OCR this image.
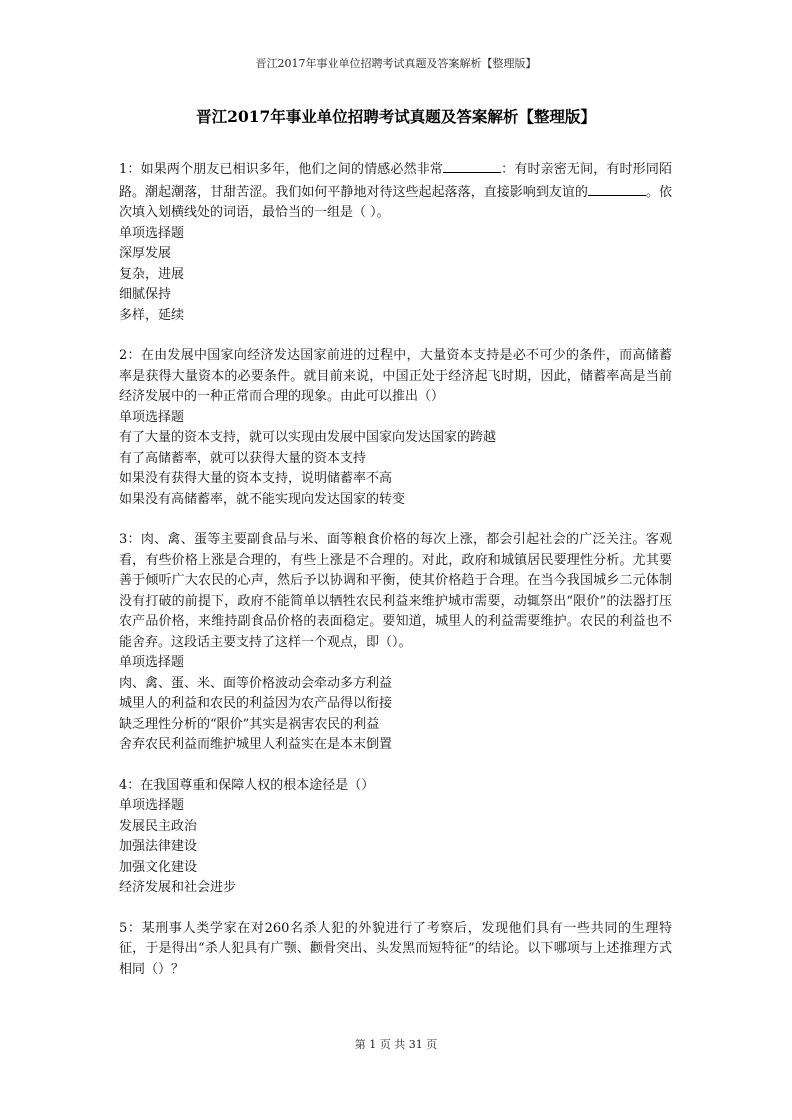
晋江2017年事业单位招聘考试真题及答案解析【整理版】
晋江2017年事业单位招聘考试真题及答案解析【整理版】
1：如果两个朋友已相识多年，他们之间的情感必然非常	：有时亲密无间，有时形同陌路。潮起潮落，甘甜苦涩。我们如何平静地对待这些起起落落，直接影响到友谊的	。依次填入划横线处的词语，最恰当的一组是（ ）。
单项选择题
深厚发展
复杂，进展
细腻保持
多样，延续
2：在由发展中国家向经济发达国家前进的过程中，大量资本支持是必不可少的条件，而高储蓄率是获得大量资本的必要条件。就目前来说，中国正处于经济起飞时期，因此，储蓄率高是当前经济发展中的一种正常而合理的现象。由此可以推出（）
单项选择题
有了大量的资本支持，就可以实现由发展中国家向发达国家的跨越
有了高储蓄率，就可以获得大量的资本支持
如果没有获得大量的资本支持，说明储蓄率不高
如果没有高储蓄率，就不能实现向发达国家的转变
3：肉、禽、蛋等主要副食品与米、面等粮食价格的每次上涨，都会引起社会的广泛关注。客观看，有些价格上涨是合理的，有些上涨是不合理的。对此，政府和城镇居民要理性分析。尤其要善于倾听广大农民的心声，然后予以协调和平衡，使其价格趋于合理。在当今我国城乡二元体制没有打破的前提下，政府不能简单以牺牲农民利益来维护城市需要，动辄祭出“限价”的法器打压农产品价格，来维持副食品价格的表面稳定。要知道，城里人的利益需要维护。农民的利益也不能舍弃。这段话主要支持了这样一个观点，即（）。
单项选择题
肉、禽、蛋、米、面等价格波动会牵动多方利益
城里人的利益和农民的利益因为农产品得以衔接
缺乏理性分析的“限价”其实是祸害农民的利益
舍弃农民利益而维护城里人利益实在是本末倒置
4：在我国尊重和保障人权的根本途径是（）
单项选择题
发展民主政治
加强法律建设
加强文化建设
经济发展和社会进步
5：某刑事人类学家在对260名杀人犯的外貌进行了考察后，发现他们具有一些共同的生理特征，于是得出“杀人犯具有广颚、颧骨突出、头发黑而短特征”的结论。以下哪项与上述推理方式相同（）？
第 1 页 共 31 页
